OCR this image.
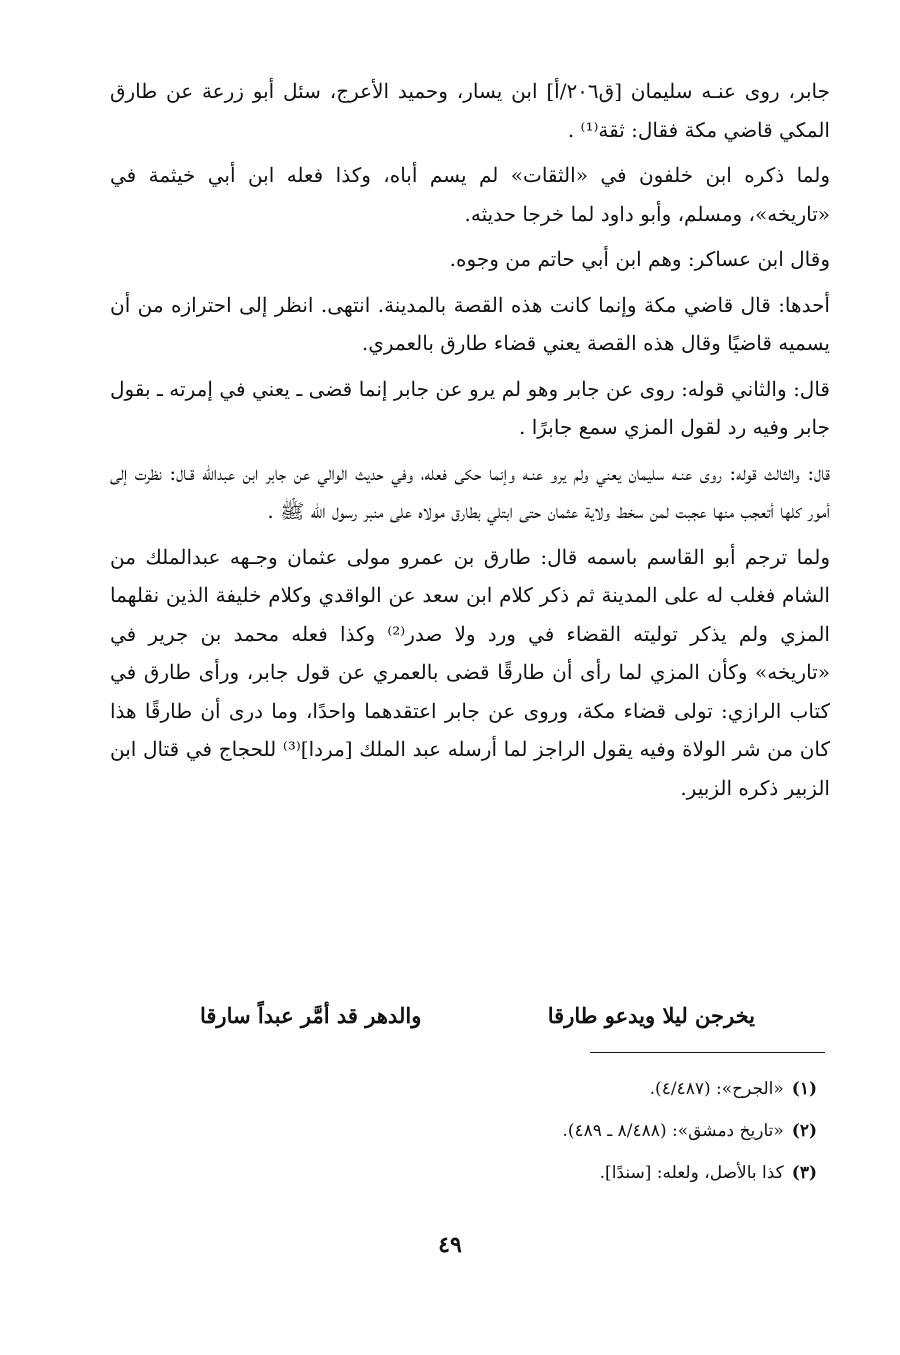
جابر، روى عنـه سليمان [ق٢٠٦/أ] ابن يسار، وحميد الأعرج، سئل أبو زرعة عن طارق المكي قاضي مكة فقال: ثقة⁽¹⁾ .

ولما ذكره ابن خلفون في «الثقات» لم يسم أباه، وكذا فعله ابن أبي خيثمة في «تاريخه»، ومسلم، وأبو داود لما خرجا حديثه.

وقال ابن عساكر: وهم ابن أبي حاتم من وجوه.

أحدها: قال قاضي مكة وإنما كانت هذه القصة بالمدينة. انتهى. انظر إلى احترازه من أن يسميه قاضيًا وقال هذه القصة يعني قضاء طارق بالعمري.

قال: والثاني قوله: روى عن جابر وهو لم يرو عن جابر إنما قضى ـ يعني في إمرته ـ بقول جابر وفيه رد لقول المزي سمع جابرًا .

قال: والثالث قوله: روى عنـه سليمان يعني ولم يرو عنـه وإنما حكى فعله، وفي حديث الوالي عن جابر ابن عبدالله قـال: نظرت إلى أمور كلها أتعجب منها عجبت لمن سخط ولاية عثمان حتى ابتلي بطارق مولاه على منبر رسول الله ﷺ .

ولما ترجم أبو القاسم باسمه قال: طارق بن عمرو مولى عثمان وجـهه عبدالملك من الشام فغلب له على المدينة ثم ذكر كلام ابن سعد عن الواقدي وكلام خليفة الذين نقلهما المزي ولم يذكر توليته القضاء في ورد ولا صدر⁽²⁾ وكذا فعله محمد بن جرير في «تاريخه» وكأن المزي لما رأى أن طارقًا قضى بالعمري عن قول جابر، ورأى طارق في كتاب الرازي: تولى قضاء مكة، وروى عن جابر اعتقدهما واحدًا، وما درى أن طارقًا هذا كان من شر الولاة وفيه يقول الراجز لما أرسله عبد الملك [مردا]⁽³⁾ للحجاج في قتال ابن الزبير ذكره الزبير.

يخرجن ليلا ويدعو طارقا
والدهر قد أمَّر عبداً سارقا

(١)«الجرح»: (٤/٤٨٧).

(٢)«تاريخ دمشق»: (٨/٤٨٨ ـ ٤٨٩).

(٣)كذا بالأصل، ولعله: [سندًا].

٤٩
